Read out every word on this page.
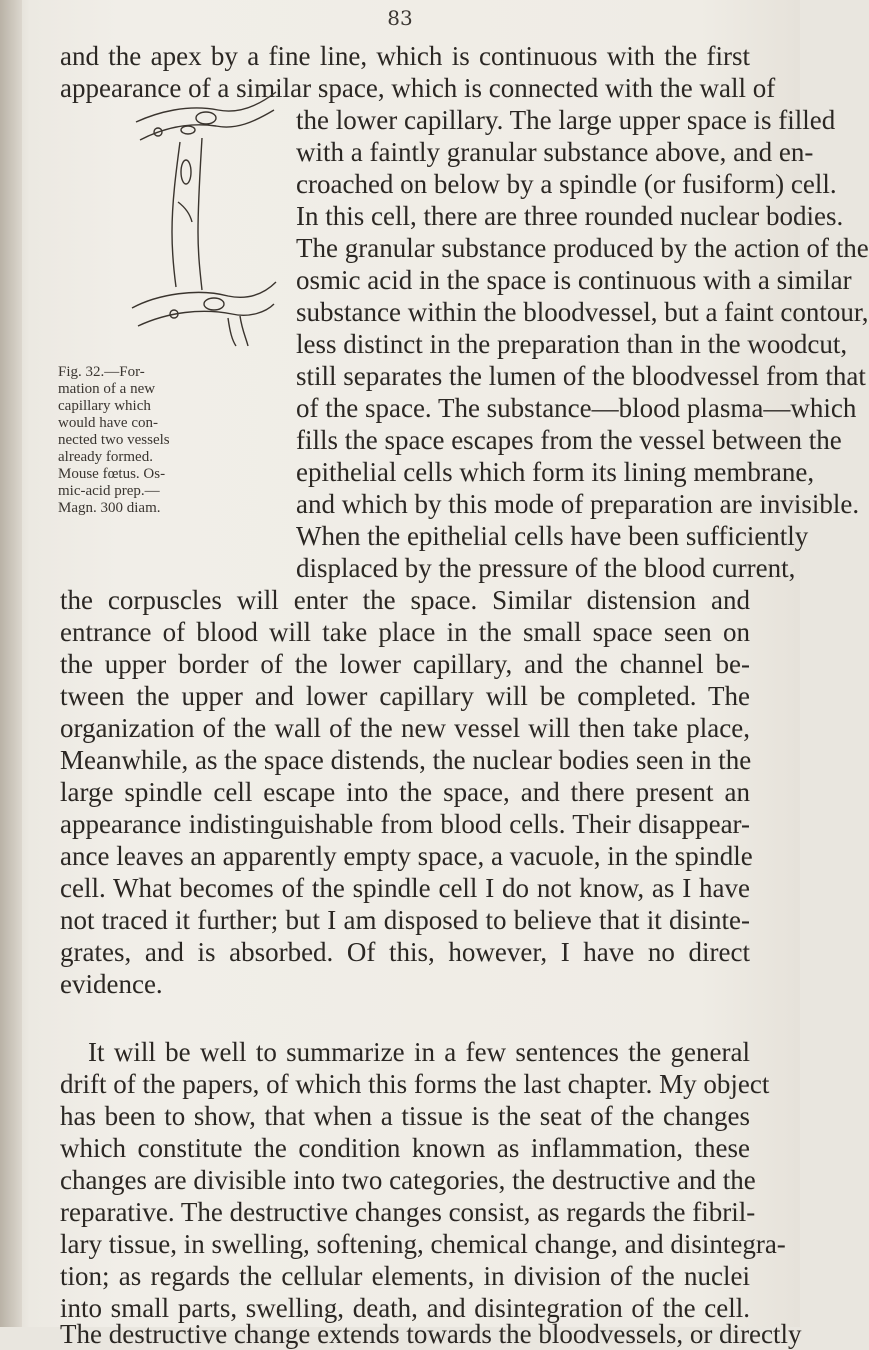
83
and the apex by a fine line, which is continuous with the first
appearance of a similar space, which is connected with the wall of
Fig. 32.—For-
mation of a new
capillary which
would have con-
nected two vessels
already formed.
Mouse fœtus. Os-
mic-acid prep.—
Magn. 300 diam.
the lower capillary. The large upper space is filled
with a faintly granular substance above, and en-
croached on below by a spindle (or fusiform) cell.
In this cell, there are three rounded nuclear bodies.
The granular substance produced by the action of the
osmic acid in the space is continuous with a similar
substance within the bloodvessel, but a faint contour,
less distinct in the preparation than in the woodcut,
still separates the lumen of the bloodvessel from that
of the space. The substance—blood plasma—which
fills the space escapes from the vessel between the
epithelial cells which form its lining membrane,
and which by this mode of preparation are invisible.
When the epithelial cells have been sufficiently
displaced by the pressure of the blood current,
the corpuscles will enter the space. Similar distension and
entrance of blood will take place in the small space seen on
the upper border of the lower capillary, and the channel be-
tween the upper and lower capillary will be completed. The
organization of the wall of the new vessel will then take place,
Meanwhile, as the space distends, the nuclear bodies seen in the
large spindle cell escape into the space, and there present an
appearance indistinguishable from blood cells. Their disappear-
ance leaves an apparently empty space, a vacuole, in the spindle
cell. What becomes of the spindle cell I do not know, as I have
not traced it further; but I am disposed to believe that it disinte-
grates, and is absorbed. Of this, however, I have no direct
evidence.
It will be well to summarize in a few sentences the general
drift of the papers, of which this forms the last chapter. My object
has been to show, that when a tissue is the seat of the changes
which constitute the condition known as inflammation, these
changes are divisible into two categories, the destructive and the
reparative. The destructive changes consist, as regards the fibril-
lary tissue, in swelling, softening, chemical change, and disintegra-
tion; as regards the cellular elements, in division of the nuclei
into small parts, swelling, death, and disintegration of the cell.
The destructive change extends towards the bloodvessels, or directly
